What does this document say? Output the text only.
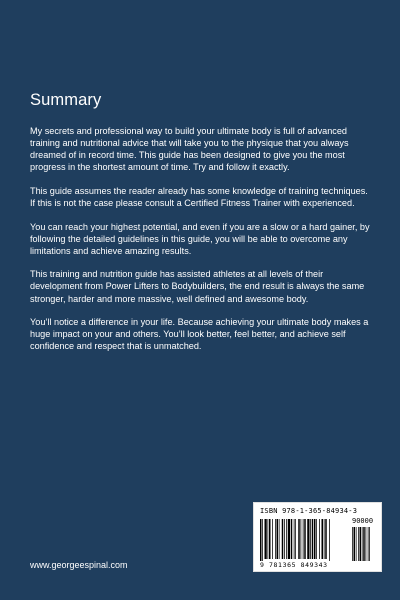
Summary

My secrets and professional way to build your ultimate body is full of advanced training and nutritional advice that will take you to the physique that you always dreamed of in record time. This guide has been designed to give you the most progress in the shortest amount of time. Try and follow it exactly.

This guide assumes the reader already has some knowledge of training techniques. If this is not the case please consult a Certified Fitness Trainer with experienced.

You can reach your highest potential, and even if you are a slow or a hard gainer, by following the detailed guidelines in this guide, you will be able to overcome any limitations and achieve amazing results.

This training and nutrition guide has assisted athletes at all levels of their development from Power Lifters to Bodybuilders, the end result is always the same stronger, harder and more massive, well defined and awesome body.

You’ll notice a difference in your life. Because achieving your ultimate body makes a huge impact on your and others. You’ll look better, feel better, and achieve self confidence and respect that is unmatched.

www.georgeespinal.com
ISBN 978-1-365-84934-3
90000
9 781365 849343
